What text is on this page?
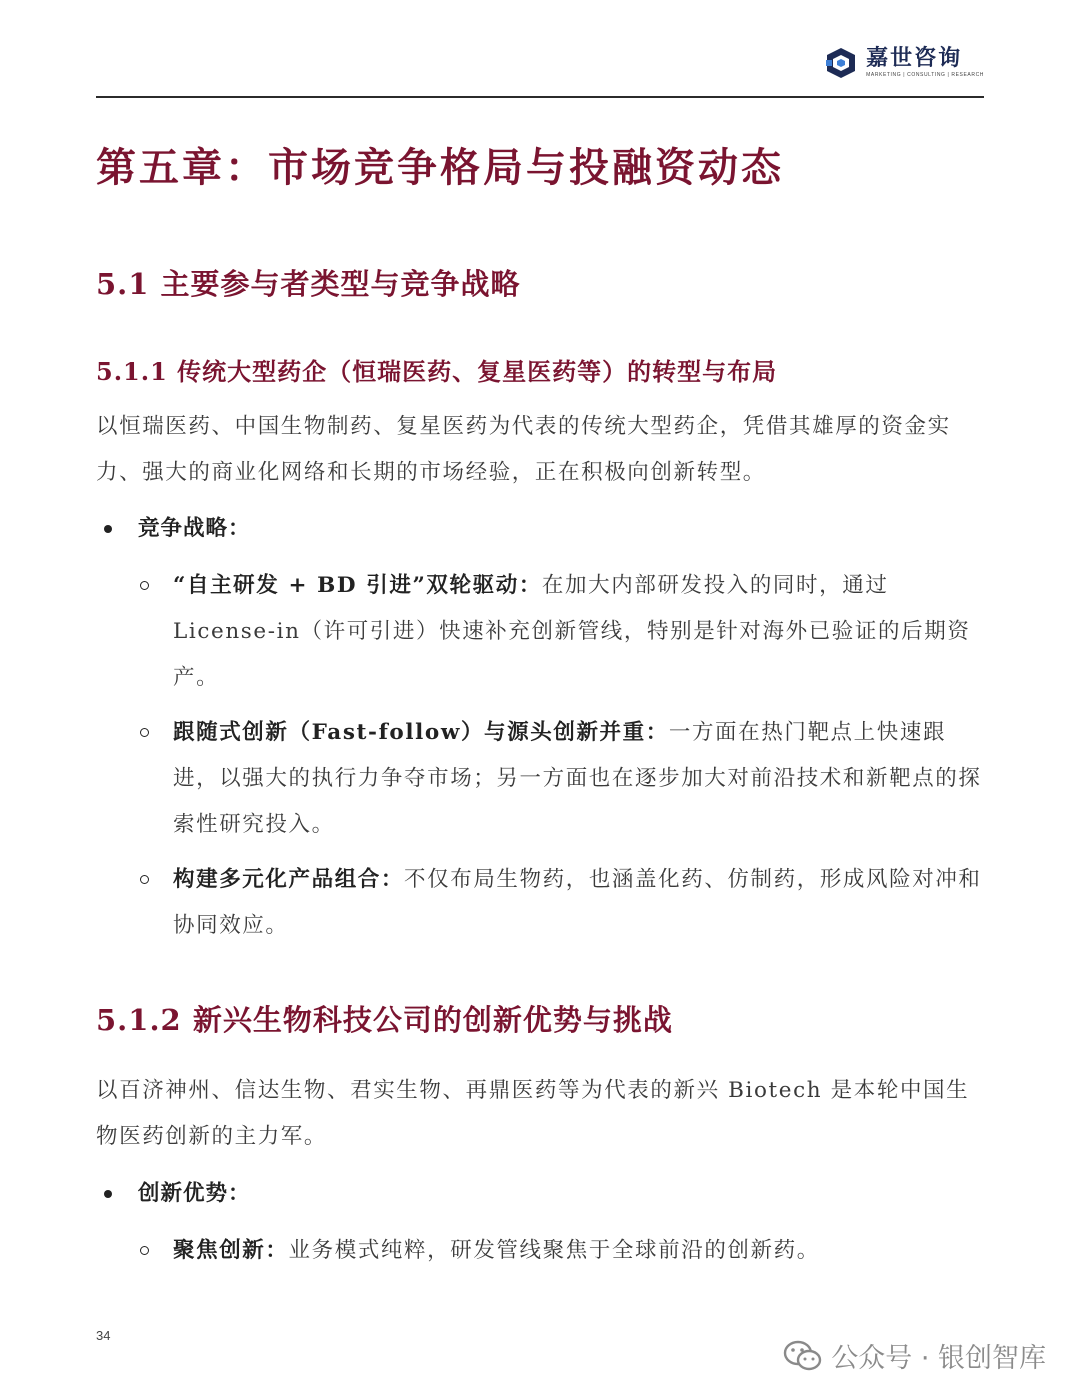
嘉世咨询
MARKETING | CONSULTING | RESEARCH
第五章：市场竞争格局与投融资动态
5.1 主要参与者类型与竞争战略
5.1.1 传统大型药企（恒瑞医药、复星医药等）的转型与布局

以恒瑞医药、中国生物制药、复星医药为代表的传统大型药企，凭借其雄厚的资金实力、强大的商业化网络和长期的市场经验，正在积极向创新转型。

竞争战略：

“自主研发 + BD 引进”双轮驱动：在加大内部研发投入的同时，通过 License-in（许可引进）快速补充创新管线，特别是针对海外已验证的后期资产。

跟随式创新（Fast-follow）与源头创新并重：一方面在热门靶点上快速跟进，以强大的执行力争夺市场；另一方面也在逐步加大对前沿技术和新靶点的探索性研究投入。

构建多元化产品组合：不仅布局生物药，也涵盖化药、仿制药，形成风险对冲和协同效应。

5.1.2 新兴生物科技公司的创新优势与挑战

以百济神州、信达生物、君实生物、再鼎医药等为代表的新兴 Biotech 是本轮中国生物医药创新的主力军。

创新优势：

聚焦创新：业务模式纯粹，研发管线聚焦于全球前沿的创新药。

34
公众号 · 银创智库
